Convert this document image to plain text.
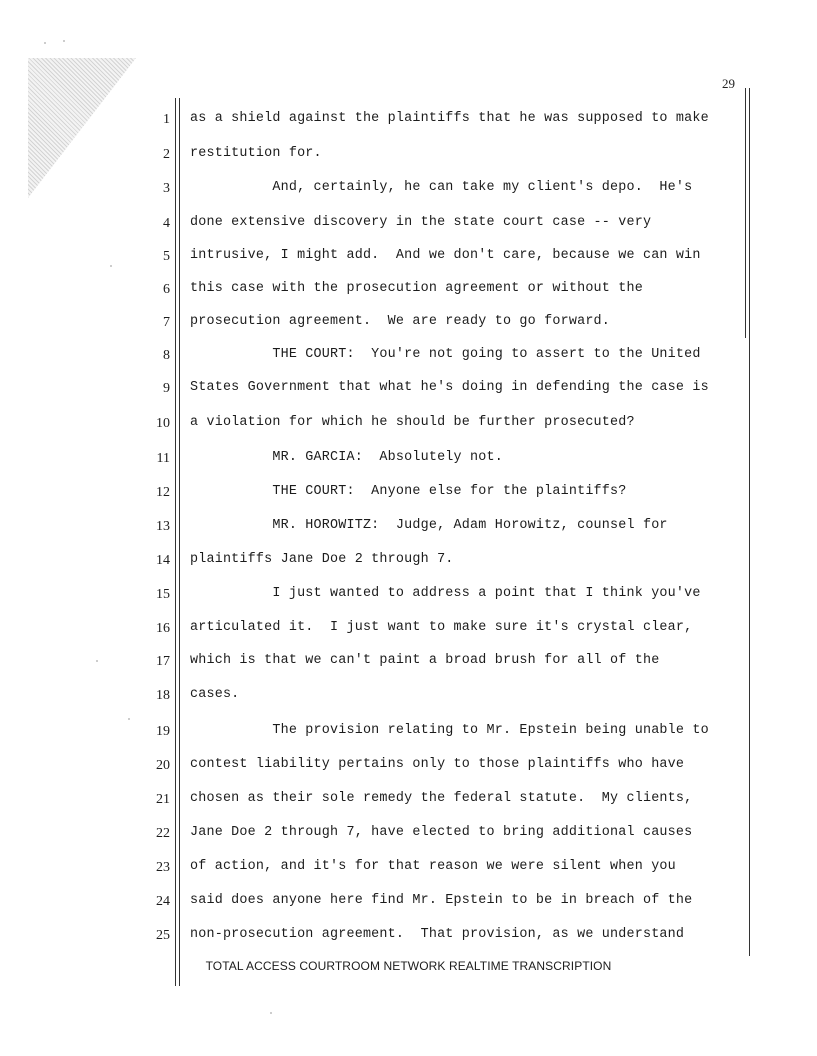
29
1 as a shield against the plaintiffs that he was supposed to make
2 restitution for.
3 And, certainly, he can take my client's depo.  He's
4 done extensive discovery in the state court case -- very
5 intrusive, I might add.  And we don't care, because we can win
6 this case with the prosecution agreement or without the
7 prosecution agreement.  We are ready to go forward.
8 THE COURT:  You're not going to assert to the United
9 States Government that what he's doing in defending the case is
10 a violation for which he should be further prosecuted?
11 MR. GARCIA:  Absolutely not.
12 THE COURT:  Anyone else for the plaintiffs?
13 MR. HOROWITZ:  Judge, Adam Horowitz, counsel for
14 plaintiffs Jane Doe 2 through 7.
15 I just wanted to address a point that I think you've
16 articulated it.  I just want to make sure it's crystal clear,
17 which is that we can't paint a broad brush for all of the
18 cases.
19 The provision relating to Mr. Epstein being unable to
20 contest liability pertains only to those plaintiffs who have
21 chosen as their sole remedy the federal statute.  My clients,
22 Jane Doe 2 through 7, have elected to bring additional causes
23 of action, and it's for that reason we were silent when you
24 said does anyone here find Mr. Epstein to be in breach of the
25 non-prosecution agreement.  That provision, as we understand
TOTAL ACCESS COURTROOM NETWORK REALTIME TRANSCRIPTION
